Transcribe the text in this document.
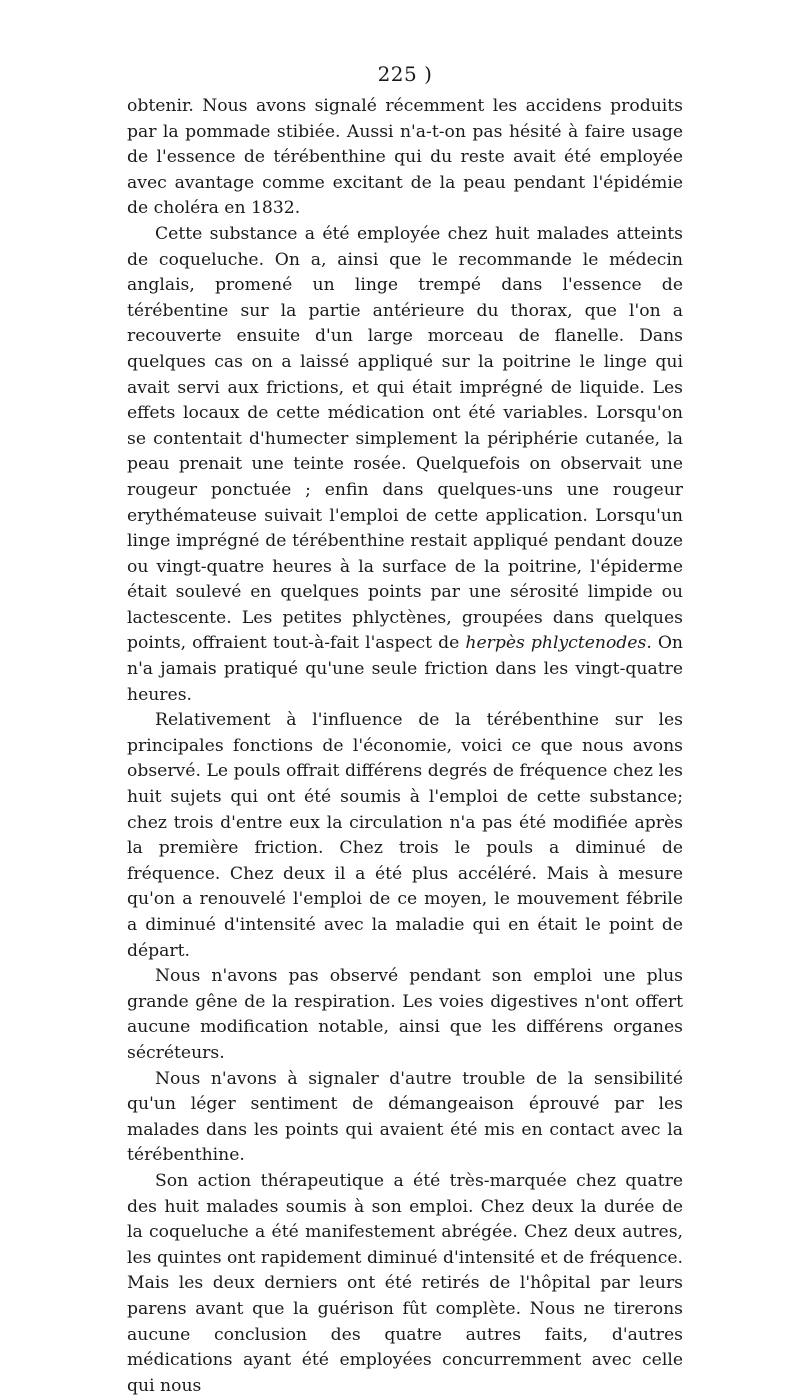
225 )

obtenir. Nous avons signalé récemment les accidens produits par la pommade stibiée. Aussi n'a-t-on pas hésité à faire usage de l'essence de térébenthine qui du reste avait été employée avec avantage comme excitant de la peau pendant l'épidémie de choléra en 1832.

Cette substance a été employée chez huit malades atteints de coqueluche. On a, ainsi que le recommande le médecin anglais, promené un linge trempé dans l'essence de térébentine sur la partie antérieure du thorax, que l'on a recouverte ensuite d'un large morceau de flanelle. Dans quelques cas on a laissé appliqué sur la poitrine le linge qui avait servi aux frictions, et qui était imprégné de liquide. Les effets locaux de cette médication ont été variables. Lorsqu'on se contentait d'humecter simplement la périphérie cutanée, la peau prenait une teinte rosée. Quelquefois on observait une rougeur ponctuée ; enfin dans quelques-uns une rougeur erythémateuse suivait l'emploi de cette application. Lorsqu'un linge imprégné de térébenthine restait appliqué pendant douze ou vingt-quatre heures à la surface de la poitrine, l'épiderme était soulevé en quelques points par une sérosité limpide ou lactescente. Les petites phlyctènes, groupées dans quelques points, offraient tout-à-fait l'aspect de herpès phlyctenodes. On n'a jamais pratiqué qu'une seule friction dans les vingt-quatre heures.

Relativement à l'influence de la térébenthine sur les principales fonctions de l'économie, voici ce que nous avons observé. Le pouls offrait différens degrés de fréquence chez les huit sujets qui ont été soumis à l'emploi de cette substance; chez trois d'entre eux la circulation n'a pas été modifiée après la première friction. Chez trois le pouls a diminué de fréquence. Chez deux il a été plus accéléré. Mais à mesure qu'on a renouvelé l'emploi de ce moyen, le mouvement fébrile a diminué d'intensité avec la maladie qui en était le point de départ.

Nous n'avons pas observé pendant son emploi une plus grande gêne de la respiration. Les voies digestives n'ont offert aucune modification notable, ainsi que les différens organes sécréteurs.

Nous n'avons à signaler d'autre trouble de la sensibilité qu'un léger sentiment de démangeaison éprouvé par les malades dans les points qui avaient été mis en contact avec la térébenthine.

Son action thérapeutique a été très-marquée chez quatre des huit malades soumis à son emploi. Chez deux la durée de la coqueluche a été manifestement abrégée. Chez deux autres, les quintes ont rapidement diminué d'intensité et de fréquence. Mais les deux derniers ont été retirés de l'hôpital par leurs parens avant que la guérison fût complète. Nous ne tirerons aucune conclusion des quatre autres faits, d'autres médications ayant été employées concurremment avec celle qui nous
